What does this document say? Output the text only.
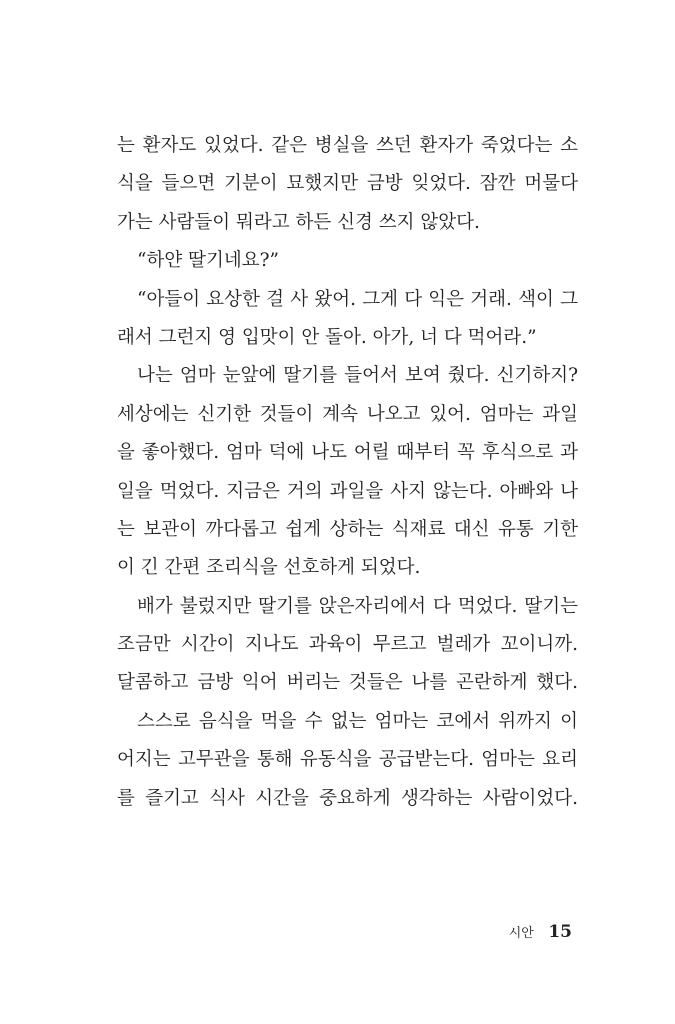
는 환자도 있었다. 같은 병실을 쓰던 환자가 죽었다는 소
식을 들으면 기분이 묘했지만 금방 잊었다. 잠깐 머물다
가는 사람들이 뭐라고 하든 신경 쓰지 않았다.
“하얀 딸기네요?”
“아들이 요상한 걸 사 왔어. 그게 다 익은 거래. 색이 그
래서 그런지 영 입맛이 안 돌아. 아가, 너 다 먹어라.”
나는 엄마 눈앞에 딸기를 들어서 보여 줬다. 신기하지?
세상에는 신기한 것들이 계속 나오고 있어. 엄마는 과일
을 좋아했다. 엄마 덕에 나도 어릴 때부터 꼭 후식으로 과
일을 먹었다. 지금은 거의 과일을 사지 않는다. 아빠와 나
는 보관이 까다롭고 쉽게 상하는 식재료 대신 유통 기한
이 긴 간편 조리식을 선호하게 되었다.
배가 불렀지만 딸기를 앉은자리에서 다 먹었다. 딸기는
조금만 시간이 지나도 과육이 무르고 벌레가 꼬이니까.
달콤하고 금방 익어 버리는 것들은 나를 곤란하게 했다.
스스로 음식을 먹을 수 없는 엄마는 코에서 위까지 이
어지는 고무관을 통해 유동식을 공급받는다. 엄마는 요리
를 즐기고 식사 시간을 중요하게 생각하는 사람이었다.
시안 15
